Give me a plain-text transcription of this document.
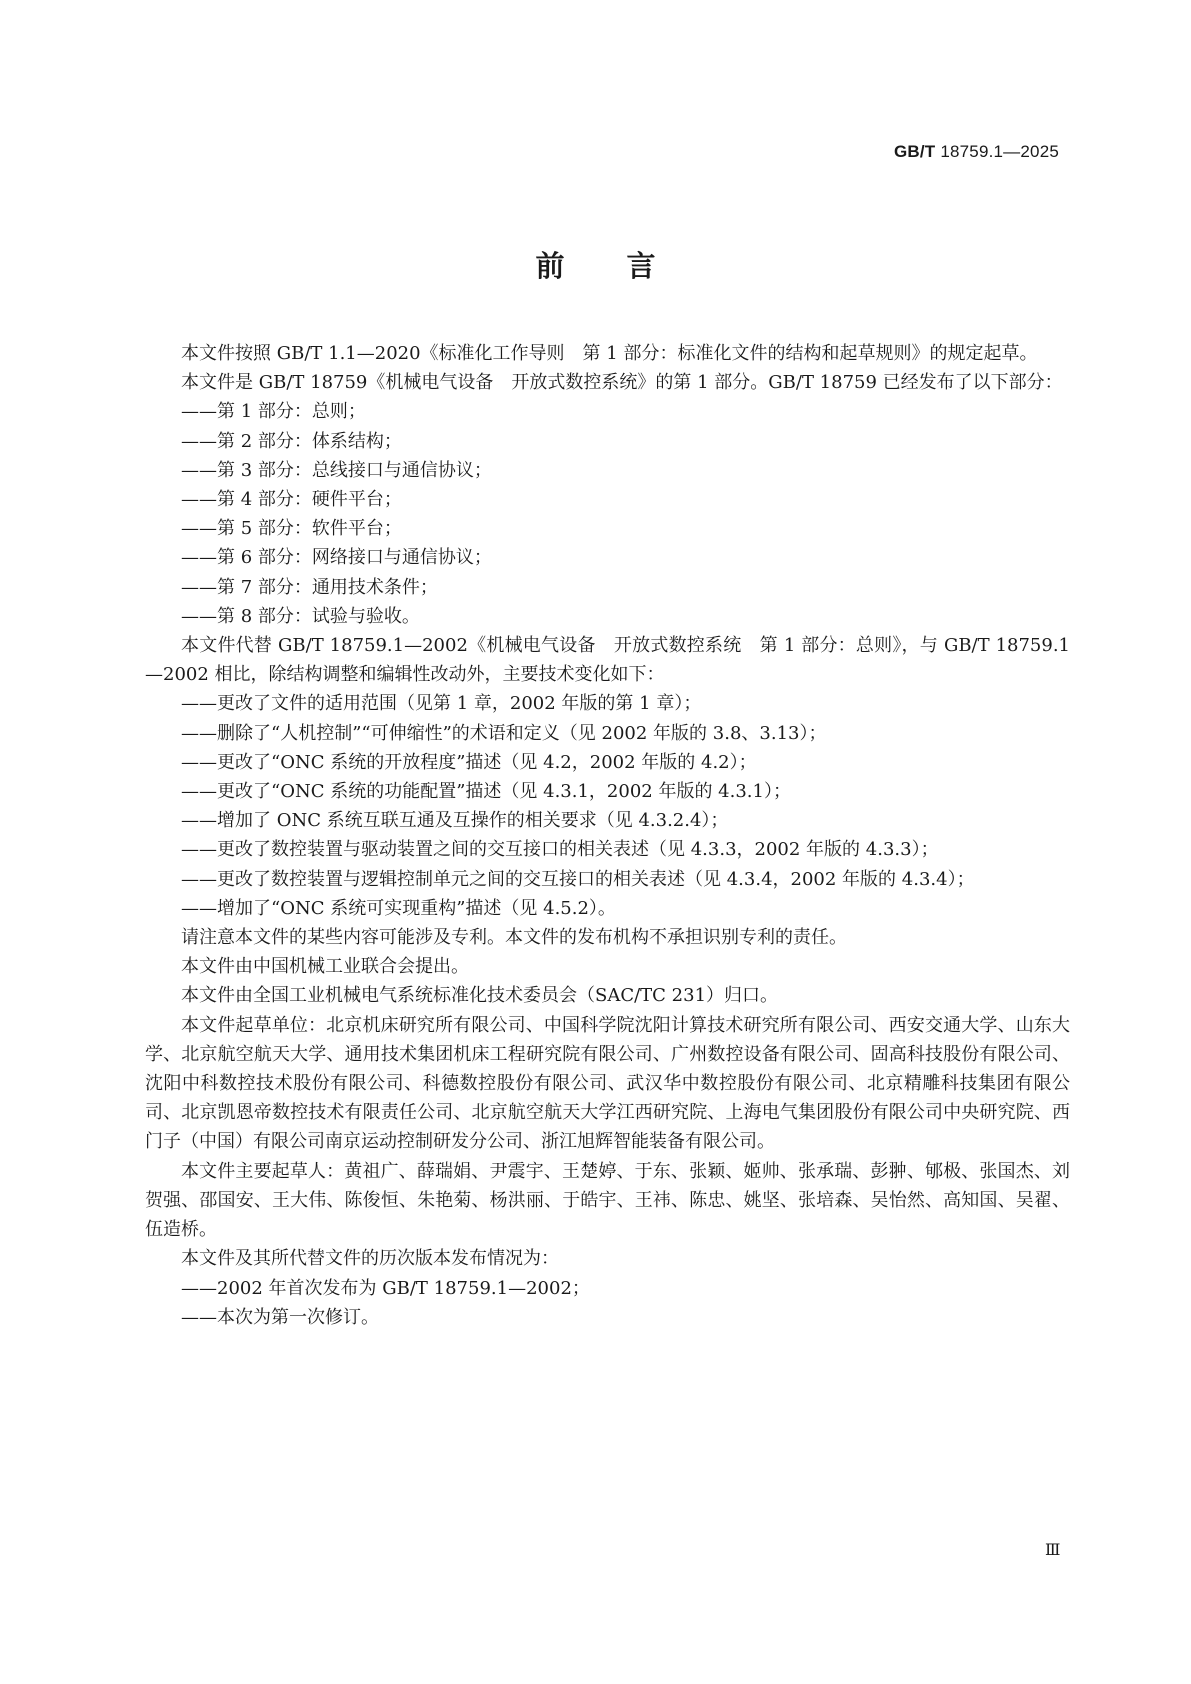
GB/T 18759.1—2025
前言

本文件按照 GB/T 1.1—2020《标准化工作导则　第 1 部分：标准化文件的结构和起草规则》的规定起草。

本文件是 GB/T 18759《机械电气设备　开放式数控系统》的第 1 部分。GB/T 18759 已经发布了以下部分：

——第 1 部分：总则；

——第 2 部分：体系结构；

——第 3 部分：总线接口与通信协议；

——第 4 部分：硬件平台；

——第 5 部分：软件平台；

——第 6 部分：网络接口与通信协议；

——第 7 部分：通用技术条件；

——第 8 部分：试验与验收。

本文件代替 GB/T 18759.1—2002《机械电气设备　开放式数控系统　第 1 部分：总则》，与 GB/T 18759.1—2002 相比，除结构调整和编辑性改动外，主要技术变化如下：

——更改了文件的适用范围（见第 1 章，2002 年版的第 1 章）；

——删除了“人机控制”“可伸缩性”的术语和定义（见 2002 年版的 3.8、3.13）；

——更改了“ONC 系统的开放程度”描述（见 4.2，2002 年版的 4.2）；

——更改了“ONC 系统的功能配置”描述（见 4.3.1，2002 年版的 4.3.1）；

——增加了 ONC 系统互联互通及互操作的相关要求（见 4.3.2.4）；

——更改了数控装置与驱动装置之间的交互接口的相关表述（见 4.3.3，2002 年版的 4.3.3）；

——更改了数控装置与逻辑控制单元之间的交互接口的相关表述（见 4.3.4，2002 年版的 4.3.4）；

——增加了“ONC 系统可实现重构”描述（见 4.5.2）。

请注意本文件的某些内容可能涉及专利。本文件的发布机构不承担识别专利的责任。

本文件由中国机械工业联合会提出。

本文件由全国工业机械电气系统标准化技术委员会（SAC/TC 231）归口。

本文件起草单位：北京机床研究所有限公司、中国科学院沈阳计算技术研究所有限公司、西安交通大学、山东大学、北京航空航天大学、通用技术集团机床工程研究院有限公司、广州数控设备有限公司、固高科技股份有限公司、沈阳中科数控技术股份有限公司、科德数控股份有限公司、武汉华中数控股份有限公司、北京精雕科技集团有限公司、北京凯恩帝数控技术有限责任公司、北京航空航天大学江西研究院、上海电气集团股份有限公司中央研究院、西门子（中国）有限公司南京运动控制研发分公司、浙江旭辉智能装备有限公司。

本文件主要起草人：黄祖广、薛瑞娟、尹震宇、王楚婷、于东、张颖、姬帅、张承瑞、彭翀、郇极、张国杰、刘贺强、邵国安、王大伟、陈俊恒、朱艳菊、杨洪丽、于皓宇、王祎、陈忠、姚坚、张培森、吴怡然、高知国、吴翟、伍造桥。

本文件及其所代替文件的历次版本发布情况为：

——2002 年首次发布为 GB/T 18759.1—2002；

——本次为第一次修订。

Ⅲ
